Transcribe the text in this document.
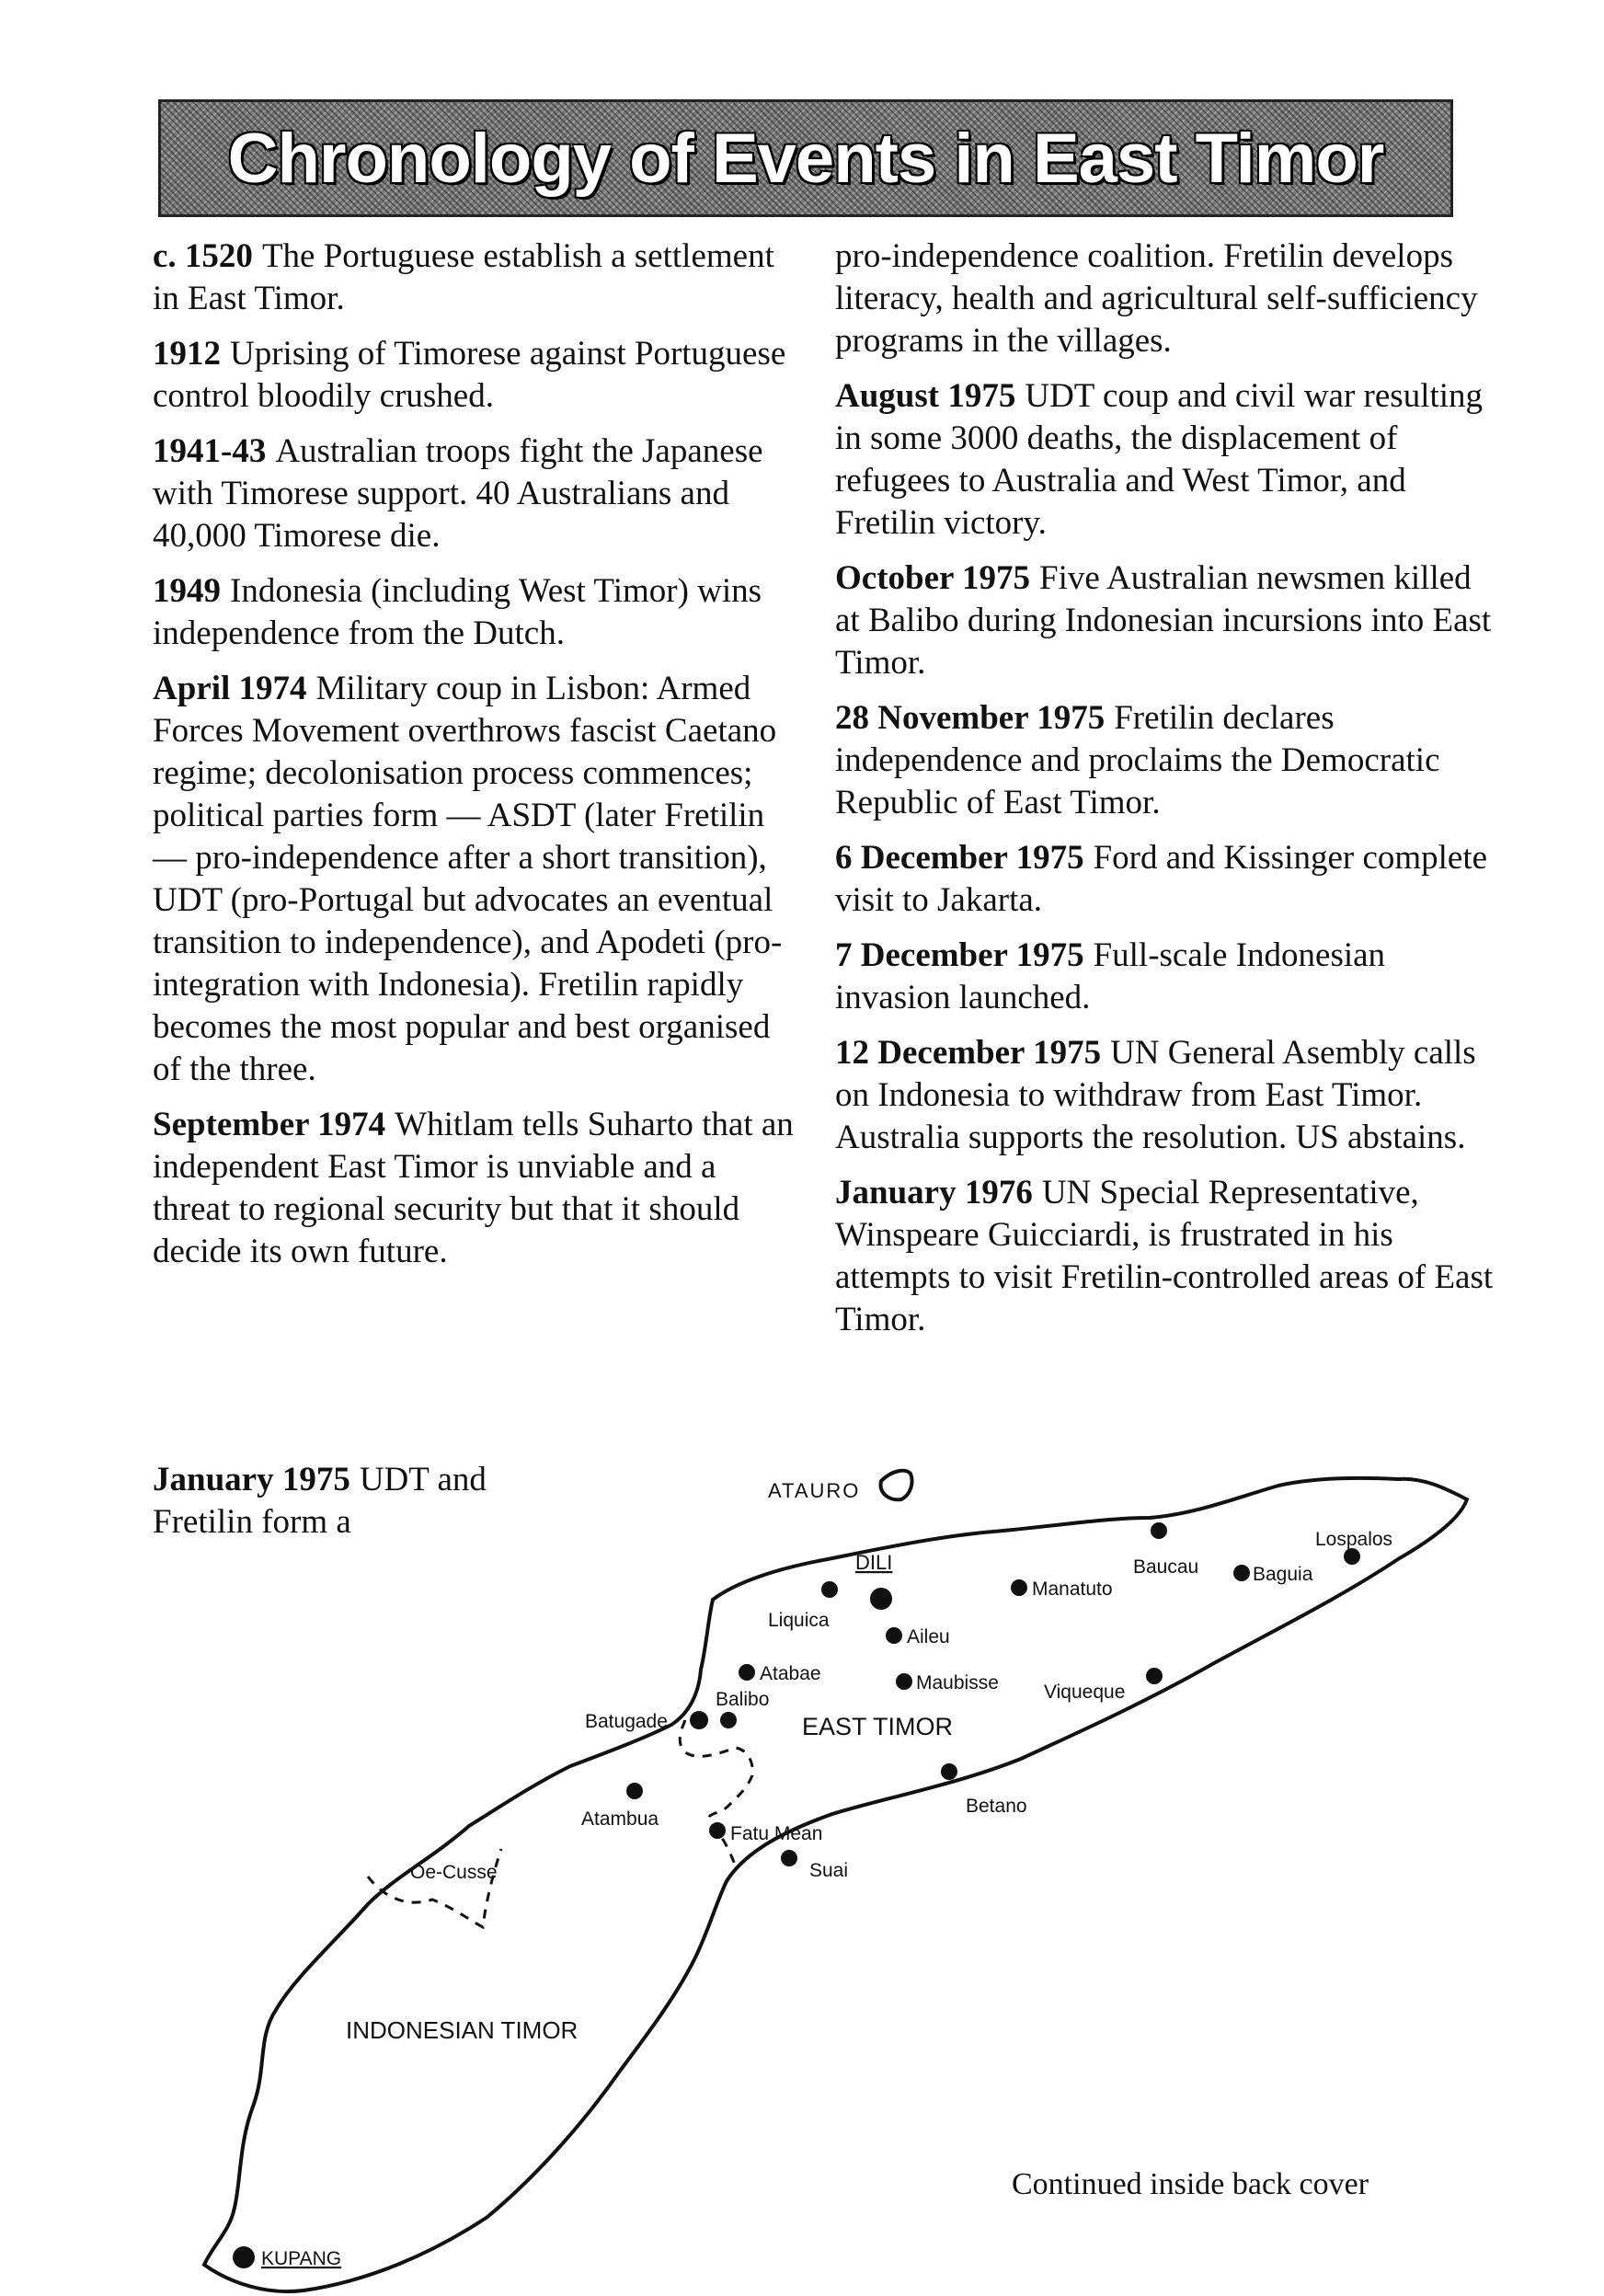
Chronology of Events in East Timor

c. 1520 The Portuguese establish a settlement in East Timor.

1912 Uprising of Timorese against Portuguese control bloodily crushed.

1941-43 Australian troops fight the Japanese with Timorese support. 40 Australians and 40,000 Timorese die.

1949 Indonesia (including West Timor) wins independence from the Dutch.

April 1974 Military coup in Lisbon: Armed Forces Movement overthrows fascist Caetano regime; decolonisation process commences; political parties form — ASDT (later Fretilin — pro-independence after a short transition), UDT (pro-Portugal but advocates an eventual transition to independence), and Apodeti (pro-integration with Indonesia). Fretilin rapidly becomes the most popular and best organised of the three.

September 1974 Whitlam tells Suharto that an independent East Timor is unviable and a threat to regional security but that it should decide its own future.

January 1975 UDT and Fretilin form a

pro-independence coalition. Fretilin develops literacy, health and agricultural self-sufficiency programs in the villages.

August 1975 UDT coup and civil war resulting in some 3000 deaths, the displacement of refugees to Australia and West Timor, and Fretilin victory.

October 1975 Five Australian newsmen killed at Balibo during Indonesian incursions into East Timor.

28 November 1975 Fretilin declares independence and proclaims the Democratic Republic of East Timor.

6 December 1975 Ford and Kissinger complete visit to Jakarta.

7 December 1975 Full-scale Indonesian invasion launched.

12 December 1975 UN General Asembly calls on Indonesia to withdraw from East Timor. Australia supports the resolution. US abstains.

January 1976 UN Special Representative, Winspeare Guicciardi, is frustrated in his attempts to visit Fretilin-controlled areas of East Timor.

ATAURO
DILI
Lospalos
Baucau	Baguia
Manatuto
Liquica
Aileu
Atabae	Maubisse Viqueque
Balibo
Batugade	EAST TIMOR
Betano
Atambua
Fatu Mean
Suai
Oe-Cusse
INDONESIAN TIMOR
KUPANG
Continued inside back cover
